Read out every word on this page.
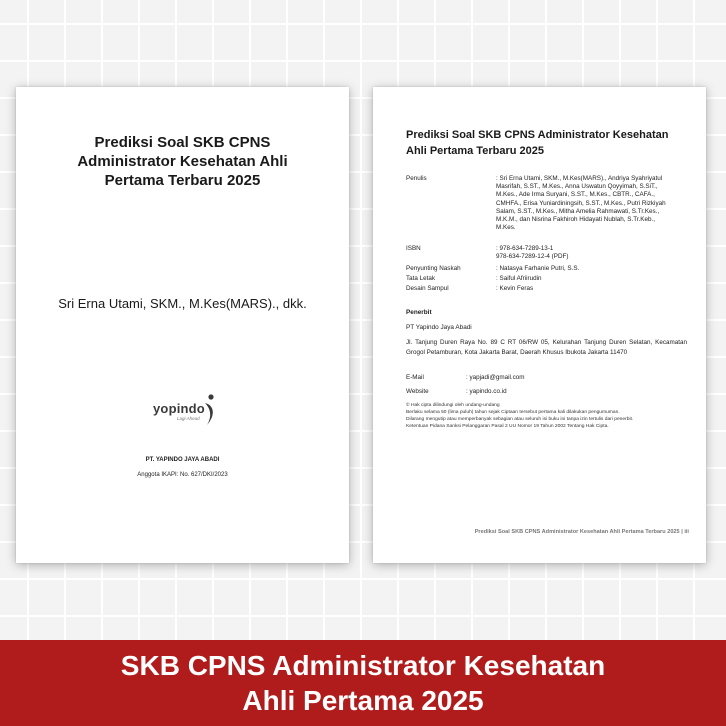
Prediksi Soal SKB CPNS
Administrator Kesehatan Ahli
Pertama Terbaru 2025
Sri Erna Utami, SKM., M.Kes(MARS)., dkk.
yopindo
Lagi Ahead
PT. YAPINDO JAYA ABADI
Anggota IKAPI: No. 627/DKI/2023
Prediksi Soal SKB CPNS Administrator Kesehatan
Ahli Pertama Terbaru 2025
Penulis	: Sri Erna Utami, SKM., M.Kes(MARS)., Andriya Syahriyatul
Masrifah, S.ST., M.Kes., Anna Uswatun Qoyyimah, S.SiT.,
M.Kes., Ade Irma Suryani, S.ST., M.Kes., CBTR., CAFA.,
CMHFA., Erisa Yuniardiningsih, S.ST., M.Kes., Putri Rizkiyah
Salam, S.ST., M.Kes., Mitha Amelia Rahmawati, S.Tr.Kes.,
M.K.M., dan Nisrina Fakhiroh Hidayati Nublah, S.Tr.Keb.,
M.Kes.
ISBN	: 978-634-7289-13-1
978-634-7289-12-4 (PDF)
Penyunting Naskah	: Natasya Farhanie Putri, S.S.
Tata Letak	: Saiful Afriirudin
Desain Sampul	: Kevin Feras
Penerbit
PT Yapindo Jaya Abadi
Jl. Tanjung Duren Raya No. 89 C RT 06/RW 05, Kelurahan Tanjung Duren Selatan, Kecamatan Grogol Petamburan, Kota Jakarta Barat, Daerah Khusus Ibukota Jakarta 11470
E-Mail	: yapjadi@gmail.com
Website	: yapindo.co.id
© Hak cipta dilindungi oleh undang-undang
Berlaku selama 50 (lima puluh) tahun sejak Ciptaan tersebut pertama kali dilakukan pengumuman.
Dilarang mengutip atau memperbanyak sebagian atau seluruh isi buku ini tanpa izin tertulis dari penerbit.
Ketentuan Pidana Sanksi Pelanggaran Pasal 2 UU Nomor 19 Tahun 2002 Tentang Hak Cipta.
Prediksi Soal SKB CPNS Administrator Kesehatan Ahli Pertama Terbaru 2025 | iii
SKB CPNS Administrator Kesehatan
Ahli Pertama 2025
